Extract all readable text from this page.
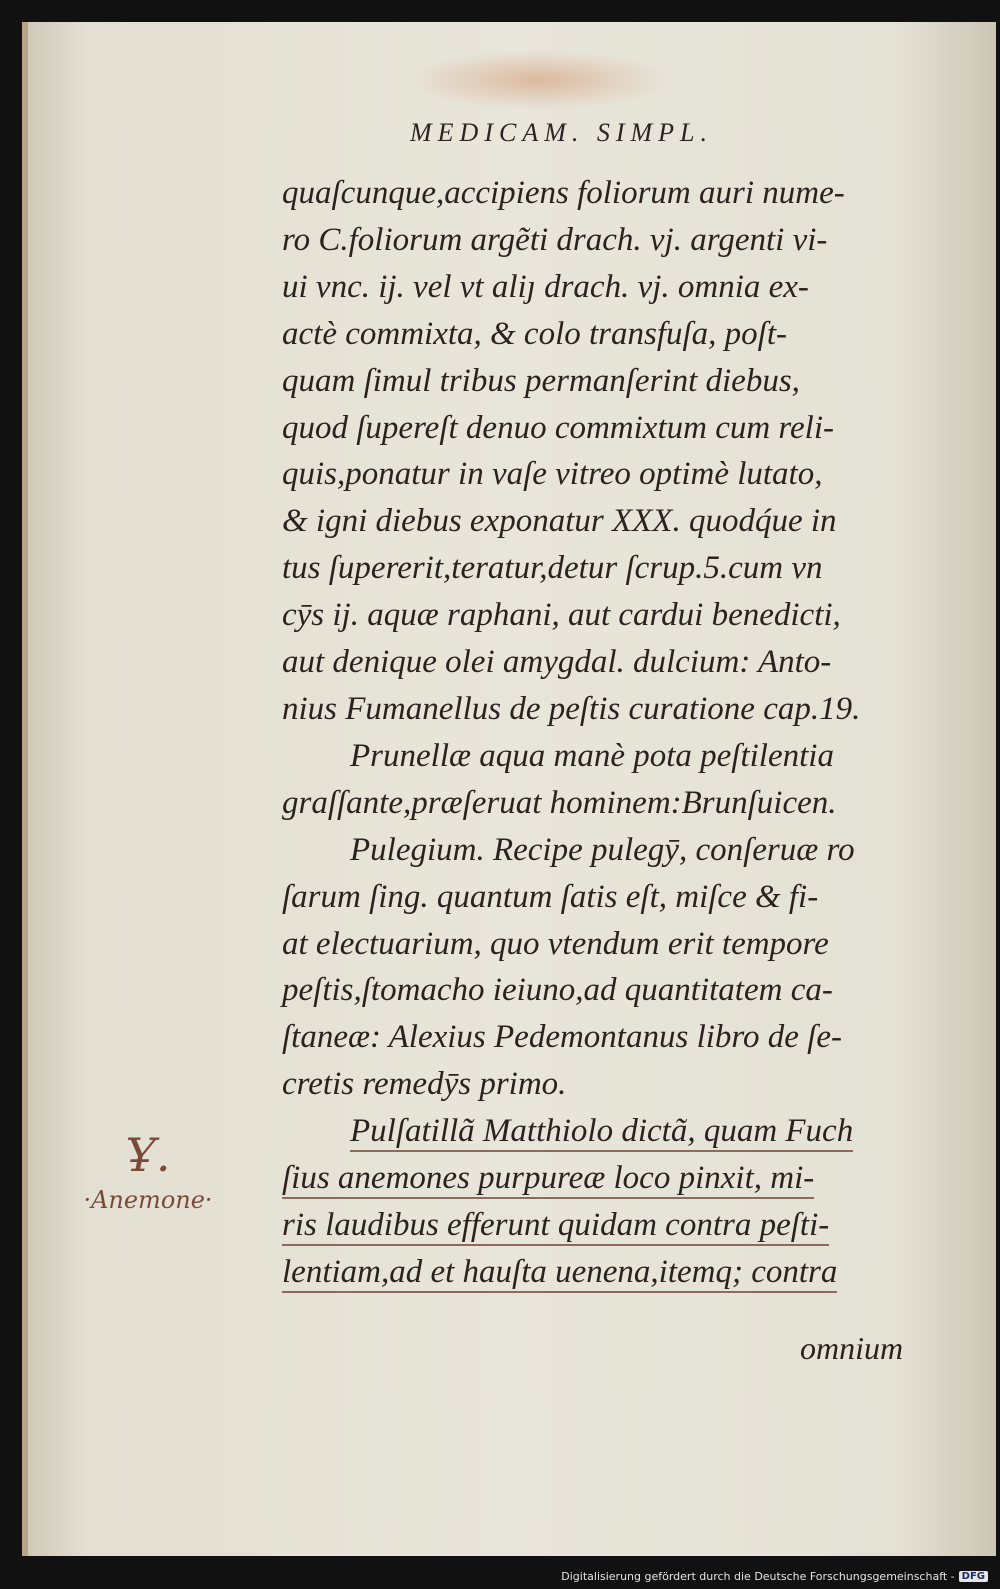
MEDICAM. SIMPL.
quaſcunque,accipiens foliorum auri nume-
ro C.foliorum argẽti drach. vj. argenti vi-
ui vnc. ij. vel vt aliȷ drach. vj. omnia ex-
actè commixta, & colo transfuſa, poſt-
quam ſimul tribus permanſerint diebus,
quod ſupereſt denuo commixtum cum reli-
quis,ponatur in vaſe vitreo optimè lutato,
& igni diebus exponatur XXX. quodq́ue in
tus ſupererit,teratur,detur ſcrup.5.cum vn
cȳs ij. aquæ raphani, aut cardui benedicti,
aut denique olei amygdal. dulcium: Anto-
nius Fumanellus de peſtis curatione cap.19.
Prunellæ aqua manè pota peſtilentia
graſſante,præſeruat hominem:Brunſuicen.
Pulegium. Recipe pulegȳ, conſeruæ ro
ſarum ſing. quantum ſatis eſt, miſce & fi-
at electuarium, quo vtendum erit tempore
peſtis,ſtomacho ieiuno,ad quantitatem ca-
ſtaneæ: Alexius Pedemontanus libro de ſe-
cretis remedȳs primo.
Pulſatillã Matthiolo dictã, quam Fuch
ſius anemones purpureæ loco pinxit, mi-
ris laudibus efferunt quidam contra peſti-
lentiam,ad et hauſta uenena,itemq; contra
omnium
Ұ.
·Anemone·
Digitalisierung gefördert durch die Deutsche Forschungsgemeinschaft - DFG
